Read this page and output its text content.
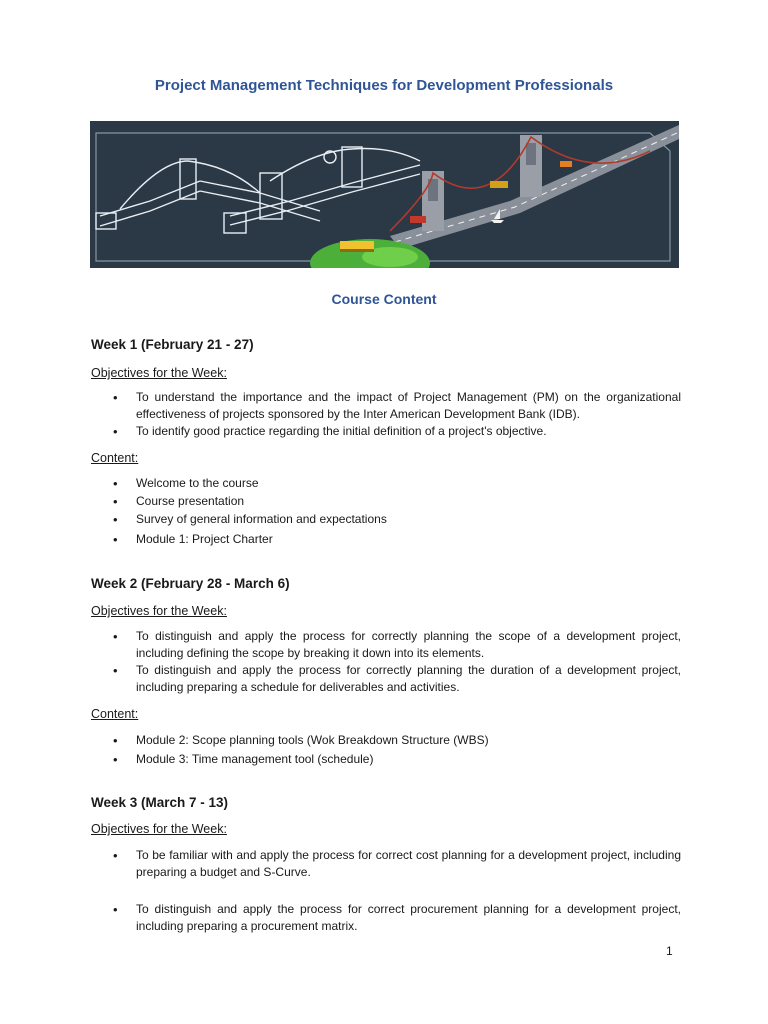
Project Management Techniques for Development Professionals
Course Content
Week 1 (February 21 - 27)
Objectives for the Week:
• To understand the importance and the impact of Project Management (PM) on the organizational effectiveness of projects sponsored by the Inter American Development Bank (IDB).
• To identify good practice regarding the initial definition of a project's objective.
Content:
• Welcome to the course
• Course presentation
• Survey of general information and expectations
• Module 1: Project Charter
Week 2 (February 28 - March 6)
Objectives for the Week:
• To distinguish and apply the process for correctly planning the scope of a development project, including defining the scope by breaking it down into its elements.
• To distinguish and apply the process for correctly planning the duration of a development project, including preparing a schedule for deliverables and activities.
Content:
• Module 2: Scope planning tools (Wok Breakdown Structure (WBS)
• Module 3: Time management tool (schedule)
Week 3 (March 7 - 13)
Objectives for the Week:
• To be familiar with and apply the process for correct cost planning for a development project, including preparing a budget and S-Curve.
• To distinguish and apply the process for correct procurement planning for a development project, including preparing a procurement matrix.
1
